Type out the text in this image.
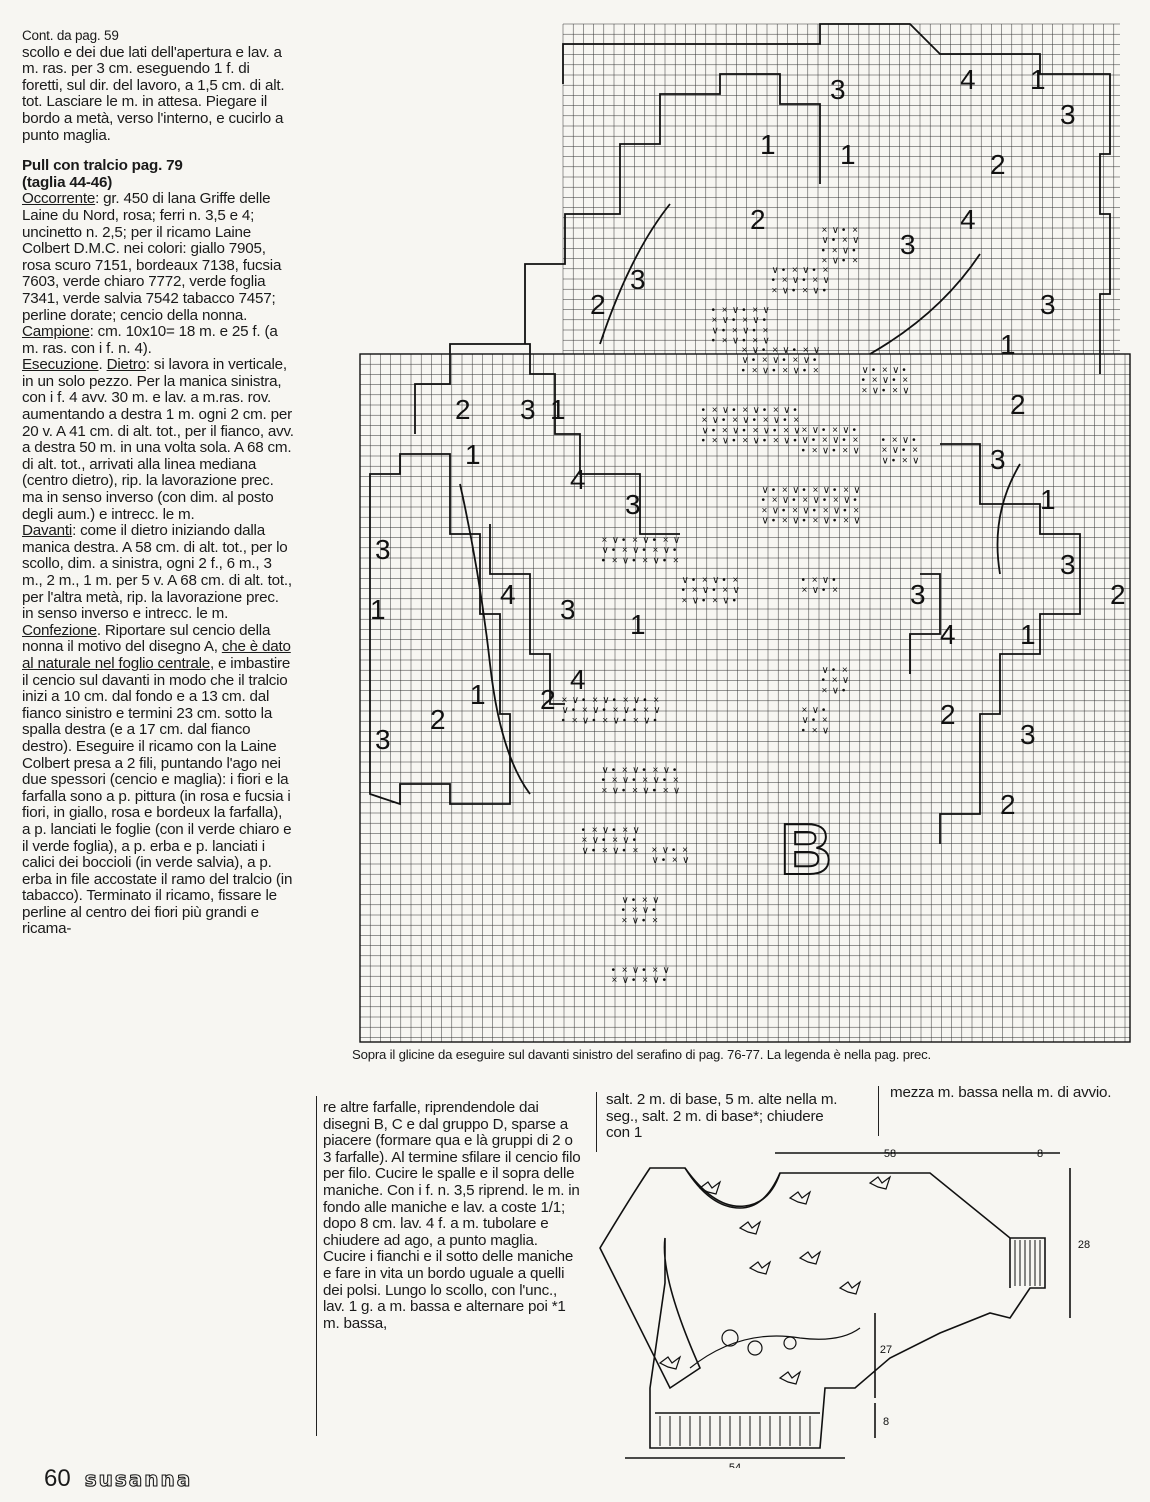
Cont. da pag. 59

scollo e dei due lati dell'apertura e lav. a m. ras. per 3 cm. eseguendo 1 f. di foretti, sul dir. del lavoro, a 1,5 cm. di alt. tot. Lasciare le m. in attesa. Piegare il bordo a metà, verso l'interno, e cucirlo a punto maglia.

Pull con tralcio pag. 79

(taglia 44-46)

Occorrente: gr. 450 di lana Griffe delle Laine du Nord, rosa; ferri n. 3,5 e 4; uncinetto n. 2,5; per il ricamo Laine Colbert D.M.C. nei colori: giallo 7905, rosa scuro 7151, bordeaux 7138, fucsia 7603, verde chiaro 7772, verde foglia 7341, verde salvia 7542 tabacco 7457; perline dorate; cencio della nonna.

Campione: cm. 10x10= 18 m. e 25 f. (a m. ras. con i f. n. 4).

Esecuzione. Dietro: si lavora in verticale, in un solo pezzo. Per la manica sinistra, con i f. 4 avv. 30 m. e lav. a m.ras. rov. aumentando a destra 1 m. ogni 2 cm. per 20 v. A 41 cm. di alt. tot., per il fianco, avv. a destra 50 m. in una volta sola. A 68 cm. di alt. tot., arrivati alla linea mediana (centro dietro), rip. la lavorazione prec. ma in senso inverso (con dim. al posto degli aum.) e intrecc. le m.

Davanti: come il dietro iniziando dalla manica destra. A 58 cm. di alt. tot., per lo scollo, dim. a sinistra, ogni 2 f., 6 m., 3 m., 2 m., 1 m. per 5 v. A 68 cm. di alt. tot., per l'altra metà, rip. la lavorazione prec. in senso inverso e intrecc. le m.

Confezione. Riportare sul cencio della nonna il motivo del disegno A, che è dato al naturale nel foglio centrale, e imbastire il cencio sul davanti in modo che il tralcio inizi a 10 cm. dal fondo e a 13 cm. dal fianco sinistro e termini 23 cm. sotto la spalla destra (e a 17 cm. dal fianco destro). Eseguire il ricamo con la Laine Colbert presa a 2 fili, puntando l'ago nei due spessori (cencio e maglia): i fiori e la farfalla sono a p. pittura (in rosa e fucsia i fiori, in giallo, rosa e bordeux la farfalla), a p. lanciati le foglie (con il verde chiaro e il verde foglia), a p. erba e p. lanciati i calici dei boccioli (in verde salvia), a p. erba in file accostate il ramo del tralcio (in tabacco). Terminato il ricamo, fissare le perline al centro dei fiori più grandi e ricama-

×
∨
•
×
∨
•
×
∨
•
×
∨
•
×
∨
•
×
∨
•
×
•
×
∨
×
∨
•
∨
•
×
•
×
∨
×
∨
•
•
×
∨
•
×
∨
•
×
∨
•
×
∨
•
×
∨
•
×
∨
•
×
∨
•
×
∨
×
∨
•
∨
•
×
•
×
∨
×
∨
•
∨
•
×
•
×
∨
×
∨
•
∨
•
×	∨
•
×
•
×
∨
×
∨
•
∨
•
×
•
×
∨
•
×
∨
•
×
∨
•
×
∨
•
×
∨
•
×
∨
•
×
∨
•
×
∨
•
×
∨
•
×
∨
•
×
∨
•
×
∨
•
×
∨
•
×
∨
•
×
∨
•
∨
•
×
•
×
∨
×
∨
•
∨
•
×
•
×
∨
∨
•
×
∨
•
×
∨
•
×
∨
•
×
∨
•
×
∨
•
×
∨
•
×
∨
•
×
∨
•
×
∨
•
×
∨
•
×
∨
•
×
∨
•
×
∨
•
×
∨
×
∨
•
∨
•
×
•
×
∨
×
∨
•
∨
•
×
•
×
∨
×
∨
•
∨
•
×
•
×
∨
×
∨
•
∨
•
×
∨
•
×
•
×
∨
×
∨
•
∨
•
×
•
×
∨
×
∨
•
•
×
×
∨
∨
•
•
×
×
∨
•
∨
•
×
•
×
∨
×
∨
•
∨
•
×
•
×
∨
×
∨
•
∨
•
×
•
×
∨
×
∨
•
∨
•
×
•
×
∨
×
∨
•
∨
•
×
•
×
∨
×
∨
•
∨
•
×
•
×
∨
•
×
∨
×
∨
•
∨
•
×
•
×
∨
×
∨
•
∨
•
× ×
∨
∨
•
•
×
×
∨
∨
•
×
•
×
∨
×
∨
•
∨
•
×
•
×
×
∨
∨
•
•
×
×
∨
∨
•
×
∨
•
∨
•
×
•
×
∨
∨
•
×
•
×
∨
×
∨
•
1 1	2
4 1
3
3
4
3
2
3
3
2
1
2
3
1
3
2
3
4 1
2
3
2
2 3 1
1
4
3
3
1	4 3 1
1 2
4
2
3
B
Sopra il glicine da eseguire sul davanti sinistro del serafino di pag. 76-77. La legenda è nella pag. prec.
re altre farfalle, riprendendole dai disegni B, C e dal gruppo D, sparse a piacere (formare qua e là gruppi di 2 o 3 farfalle). Al termine sfilare il cencio filo per filo. Cucire le spalle e il sopra delle maniche. Con i f. n. 3,5 riprend. le m. in fondo alle maniche e lav. a coste 1/1; dopo 8 cm. lav. 4 f. a m. tubolare e chiudere ad ago, a punto maglia. Cucire i fianchi e il sotto delle maniche e fare in vita un bordo uguale a quelli dei polsi. Lungo lo scollo, con l'unc., lav. 1 g. a m. bassa e alternare poi *1 m. bassa,
salt. 2 m. di base, 5 m. alte nella m. seg., salt. 2 m. di base*; chiudere con 1
mezza m. bassa nella m. di avvio.
58	8
28
27
8
54
60 susanna
